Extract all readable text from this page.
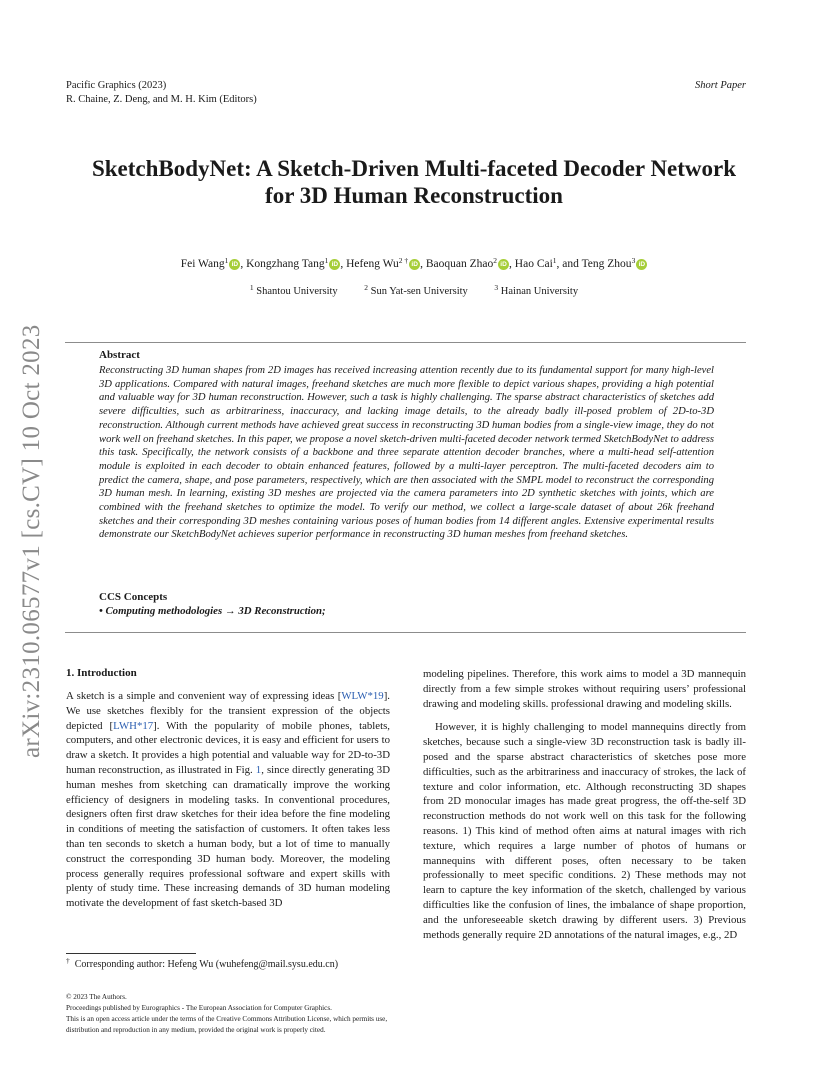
Pacific Graphics (2023)
R. Chaine, Z. Deng, and M. H. Kim (Editors)
Short Paper
arXiv:2310.06577v1 [cs.CV] 10 Oct 2023
SketchBodyNet: A Sketch-Driven Multi-faceted Decoder Network
for 3D Human Reconstruction
Fei Wang$^1$ iD , Kongzhang Tang$^1$ iD , Hefeng $Wu^{2 \dagger}$ iD , Baoquan Zhao$^2$ iD , Hao Cai$^1$, and Teng Zhou$^3$ iD
$^1$ Shantou University	$^2$ Sun Yat-sen University	$^3$ Hainan University
Abstract
Reconstructing 3D human shapes from 2D images has received increasing attention recently due to its fundamental support for many high-level 3D applications. Compared with natural images, freehand sketches are much more flexible to depict various shapes, providing a high potential and valuable way for 3D human reconstruction. However, such a task is highly challenging. The sparse abstract characteristics of sketches add severe difficulties, such as arbitrariness, inaccuracy, and lacking image details, to the already badly ill-posed problem of 2D-to-3D reconstruction. Although current methods have achieved great success in reconstructing 3D human bodies from a single-view image, they do not work well on freehand sketches. In this paper, we propose a novel sketch-driven multi-faceted decoder network termed SketchBodyNet to address this task. Specifically, the network consists of a backbone and three separate attention decoder branches, where a multi-head self-attention module is exploited in each decoder to obtain enhanced features, followed by a multi-layer perceptron. The multi-faceted decoders aim to predict the camera, shape, and pose parameters, respectively, which are then associated with the SMPL model to reconstruct the corresponding 3D human mesh. In learning, existing 3D meshes are projected via the camera parameters into 2D synthetic sketches with joints, which are combined with the freehand sketches to optimize the model. To verify our method, we collect a large-scale dataset of about 26k freehand sketches and their corresponding 3D meshes containing various poses of human bodies from 14 different angles. Extensive experimental results demonstrate our SketchBodyNet achieves superior performance in reconstructing 3D human meshes from freehand sketches.
CCS Concepts
• Computing methodologies → 3D Reconstruction;
1. Introduction

A sketch is a simple and convenient way of expressing ideas [WLW*19]. We use sketches flexibly for the transient expression of the objects depicted [LWH*17]. With the popularity of mobile phones, tablets, computers, and other electronic devices, it is easy and efficient for users to draw a sketch. It provides a high potential and valuable way for 2D-to-3D human reconstruction, as illustrated in Fig. 1, since directly generating 3D human meshes from sketching can dramatically improve the working efficiency of designers in modeling tasks. In conventional procedures, designers often first draw sketches for their idea before the fine modeling in conditions of meeting the satisfaction of customers. It often takes less than ten seconds to sketch a human body, but a lot of time to manually construct the corresponding 3D human body. Moreover, the modeling process generally requires professional software and expert skills with plenty of study time. These increasing demands of 3D human modeling motivate the development of fast sketch-based 3D

modeling pipelines. Therefore, this work aims to model a 3D mannequin directly from a few simple strokes without requiring users’ professional drawing and modeling skills. professional drawing and modeling skills.

However, it is highly challenging to model mannequins directly from sketches, because such a single-view 3D reconstruction task is badly ill-posed and the sparse abstract characteristics of sketches pose more difficulties, such as the arbitrariness and inaccuracy of strokes, the lack of texture and color information, etc. Although reconstructing 3D shapes from 2D monocular images has made great progress, the off-the-self 3D reconstruction methods do not work well on this task for the following reasons. 1) This kind of method often aims at natural images with rich texture, which requires a large number of photos of humans or mannequins with different poses, often necessary to be taken professionally to meet specific conditions. 2) These methods may not learn to capture the key information of the sketch, challenged by various difficulties like the confusion of lines, the imbalance of shape proportion, and the unforeseeable sketch drawing by different users. 3) Previous methods generally require 2D annotations of the natural images, e.g., 2D

† Corresponding author: Hefeng Wu (wuhefeng@mail.sysu.edu.cn)
© 2023 The Authors.
Proceedings published by Eurographics - The European Association for Computer Graphics.
This is an open access article under the terms of the Creative Commons Attribution License, which permits use, distribution and reproduction in any medium, provided the original work is properly cited.
